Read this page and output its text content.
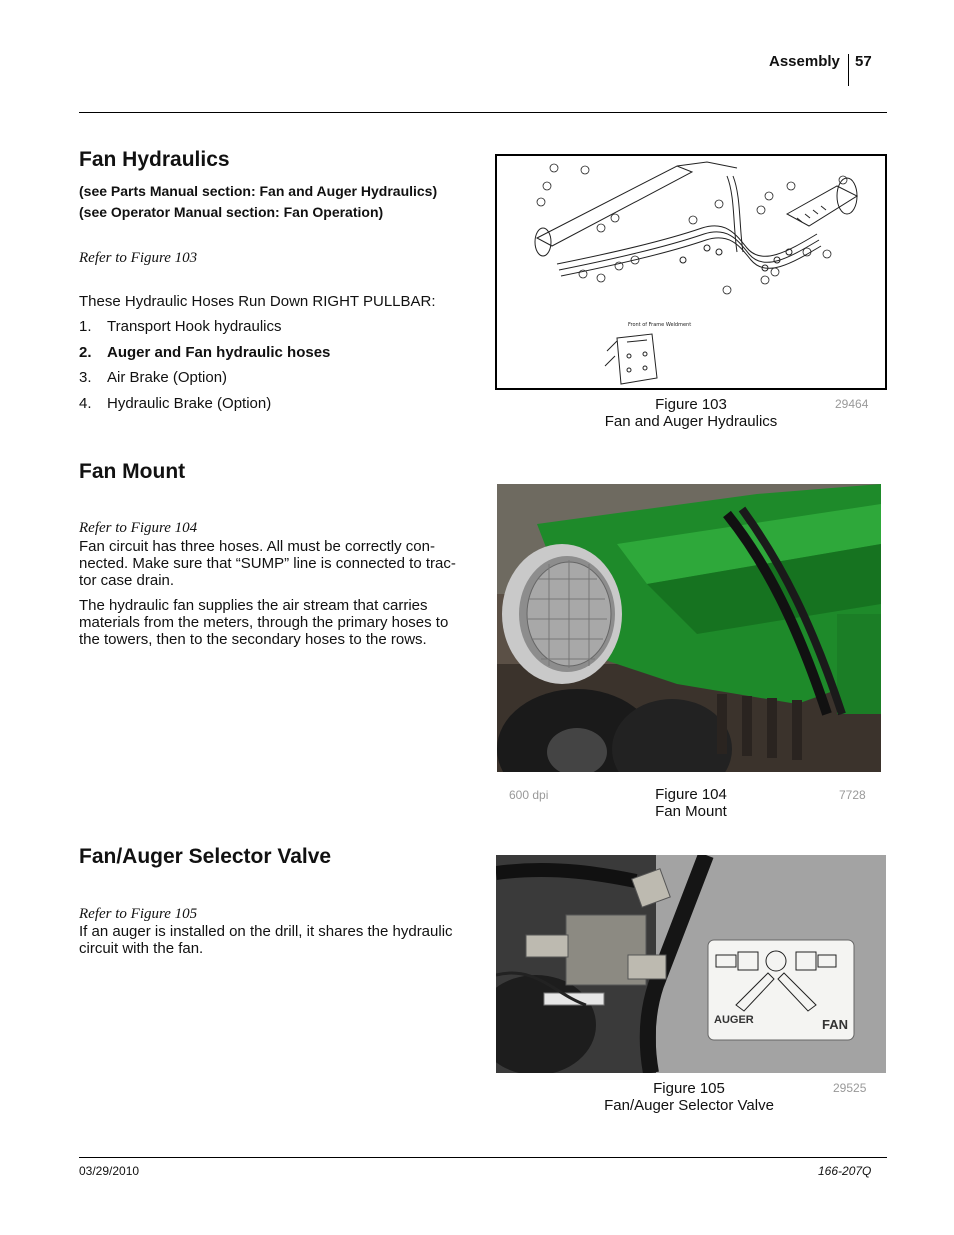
Assembly 57
Fan Hydraulics
(see Parts Manual section: Fan and Auger Hydraulics)
(see Operator Manual section: Fan Operation)
Refer to Figure 103
These Hydraulic Hoses Run Down RIGHT PULLBAR:
1. Transport Hook hydraulics
2. Auger and Fan hydraulic hoses
3. Air Brake (Option)
4. Hydraulic Brake (Option)
Front of Frame Weldment
Figure 103
Fan and Auger Hydraulics
29464
Fan Mount
Refer to Figure 104
Fan circuit has three hoses. All must be correctly con-
nected. Make sure that “SUMP” line is connected to trac-
tor case drain.
The hydraulic fan supplies the air stream that carries
materials from the meters, through the primary hoses to
the towers, then to the secondary hoses to the rows.
600 dpi	Figure 104
Fan Mount
7728
Fan/Auger Selector Valve
Refer to Figure 105
If an auger is installed on the drill, it shares the hydraulic
circuit with the fan.
AUGER	FAN
Figure 105
Fan/Auger Selector Valve
29525
03/29/2010	166-207Q
